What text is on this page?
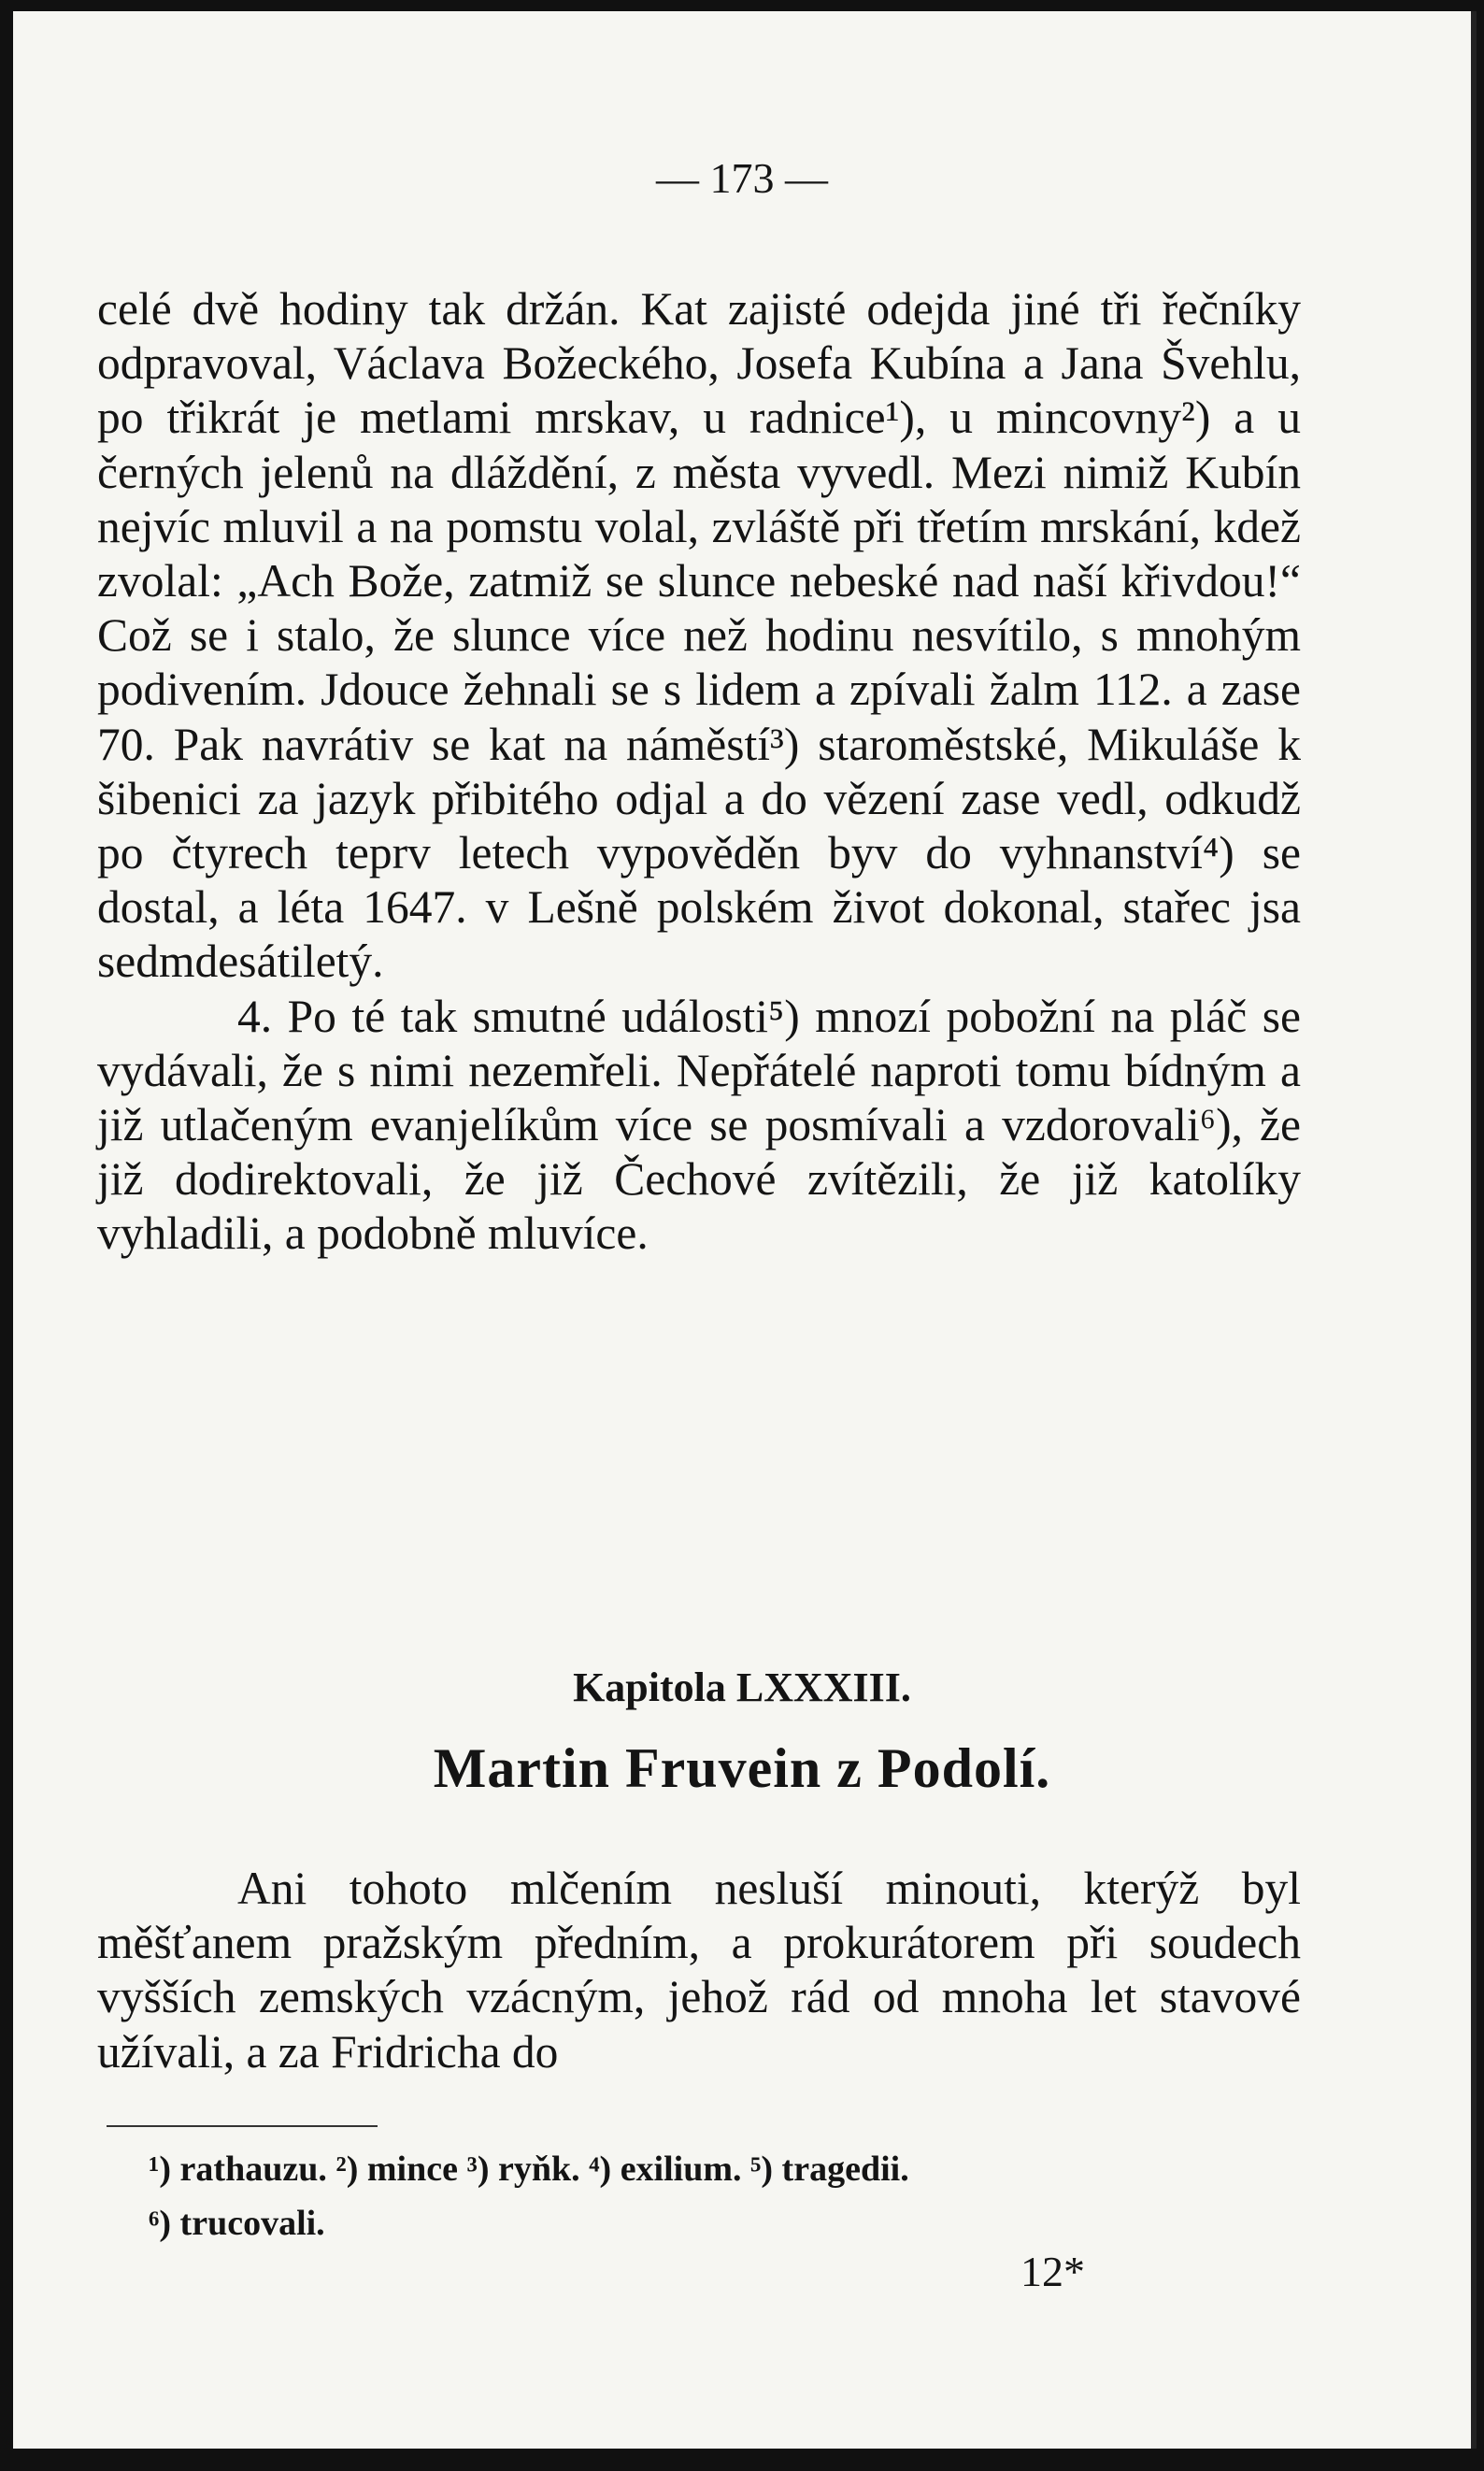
— 173 —

celé dvě hodiny tak držán. Kat zajisté odejda jiné tři řečníky odpravoval, Václava Božeckého, Josefa Kubína a Jana Švehlu, po třikrát je metlami mrskav, u radnice¹), u mincovny²) a u černých jelenů na dláždění, z města vyvedl. Mezi nimiž Kubín nejvíc mluvil a na pomstu volal, zvláště při třetím mrskání, kdež zvolal: „Ach Bože, zatmiž se slunce nebeské nad naší křivdou!“ Což se i stalo, že slunce více než hodinu nesvítilo, s mnohým podivením. Jdouce žehnali se s lidem a zpívali žalm 112. a zase 70. Pak navrátiv se kat na náměstí³) staroměstské, Mikuláše k šibenici za jazyk přibitého odjal a do vězení zase vedl, odkudž po čtyrech teprv letech vypověděn byv do vyhnanství⁴) se dostal, a léta 1647. v Lešně polském život dokonal, stařec jsa sedmdesátiletý.

4. Po té tak smutné události⁵) mnozí pobožní na pláč se vydávali, že s nimi nezemřeli. Nepřátelé naproti tomu bídným a již utlačeným evanjelíkům více se posmívali a vzdorovali⁶), že již dodirektovali, že již Čechové zvítězili, že již katolíky vyhladili, a podobně mluvíce.

Kapitola LXXXIII.
Martin Fruvein z Podolí.

Ani tohoto mlčením nesluší minouti, kterýž byl měšťanem pražským předním, a prokurátorem při soudech vyšších zemských vzácným, jehož rád od mnoha let stavové užívali, a za Fridricha do

¹) rathauzu. ²) mince ³) ryňk. ⁴) exilium. ⁵) tragedii.

⁶) trucovali.

12*
